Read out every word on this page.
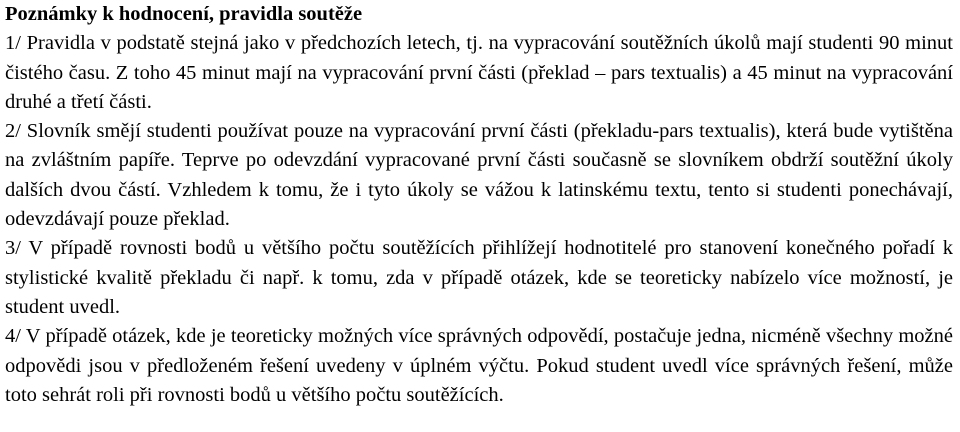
Poznámky k hodnocení, pravidla soutěže

1/ Pravidla v podstatě stejná jako v předchozích letech, tj. na vypracování soutěžních úkolů mají studenti 90 minut čistého času. Z toho 45 minut mají na vypracování první části (překlad – pars textualis) a 45 minut na vypracování druhé a třetí části.

2/ Slovník smějí studenti používat pouze na vypracování první části (překladu-pars textualis), která bude vytištěna na zvláštním papíře. Teprve po odevzdání vypracované první části současně se slovníkem obdrží soutěžní úkoly dalších dvou částí. Vzhledem k tomu, že i tyto úkoly se vážou k latinskému textu, tento si studenti ponechávají, odevzdávají pouze překlad.

3/ V případě rovnosti bodů u většího počtu soutěžících přihlížejí hodnotitelé pro stanovení konečného pořadí k stylistické kvalitě překladu či např. k tomu, zda v případě otázek, kde se teoreticky nabízelo více možností, je student uvedl.

4/ V případě otázek, kde je teoreticky možných více správných odpovědí, postačuje jedna, nicméně všechny možné odpovědi jsou v předloženém řešení uvedeny v úplném výčtu. Pokud student uvedl více správných řešení, může toto sehrát roli při rovnosti bodů u většího počtu soutěžících.
